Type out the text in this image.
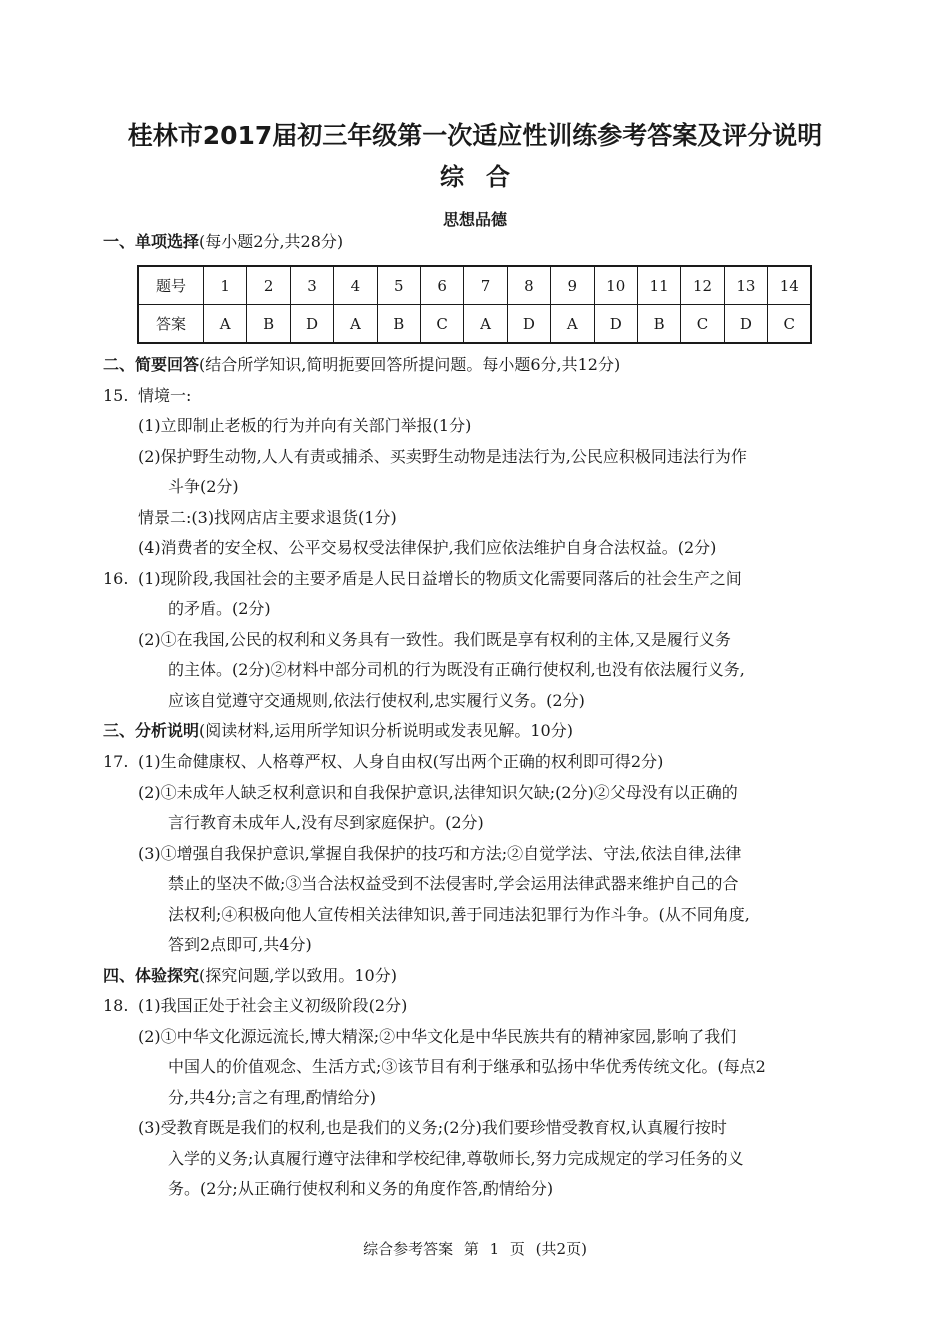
桂林市2017届初三年级第一次适应性训练参考答案及评分说明
综合
思想品德
一、单项选择(每小题2分,共28分)
题号	1	2	3	4	5	6	7	8	9	10	11	12	13	14
答案	A	B	D	A	B	C	A	D	A	D	B	C	D	C
二、简要回答(结合所学知识,简明扼要回答所提问题。每小题6分,共12分)
15. 情境一:
(1)立即制止老板的行为并向有关部门举报(1分)
(2)保护野生动物,人人有责或捕杀、买卖野生动物是违法行为,公民应积极同违法行为作
斗争(2分)
情景二:(3)找网店店主要求退货(1分)
(4)消费者的安全权、公平交易权受法律保护,我们应依法维护自身合法权益。(2分)
16. (1)现阶段,我国社会的主要矛盾是人民日益增长的物质文化需要同落后的社会生产之间
的矛盾。(2分)
(2)①在我国,公民的权利和义务具有一致性。我们既是享有权利的主体,又是履行义务
的主体。(2分)②材料中部分司机的行为既没有正确行使权利,也没有依法履行义务,
应该自觉遵守交通规则,依法行使权利,忠实履行义务。(2分)
三、分析说明(阅读材料,运用所学知识分析说明或发表见解。10分)
17. (1)生命健康权、人格尊严权、人身自由权(写出两个正确的权利即可得2分)
(2)①未成年人缺乏权利意识和自我保护意识,法律知识欠缺;(2分)②父母没有以正确的
言行教育未成年人,没有尽到家庭保护。(2分)
(3)①增强自我保护意识,掌握自我保护的技巧和方法;②自觉学法、守法,依法自律,法律
禁止的坚决不做;③当合法权益受到不法侵害时,学会运用法律武器来维护自己的合
法权利;④积极向他人宣传相关法律知识,善于同违法犯罪行为作斗争。(从不同角度,
答到2点即可,共4分)
四、体验探究(探究问题,学以致用。10分)
18. (1)我国正处于社会主义初级阶段(2分)
(2)①中华文化源远流长,博大精深;②中华文化是中华民族共有的精神家园,影响了我们
中国人的价值观念、生活方式;③该节目有利于继承和弘扬中华优秀传统文化。(每点2
分,共4分;言之有理,酌情给分)
(3)受教育既是我们的权利,也是我们的义务;(2分)我们要珍惜受教育权,认真履行按时
入学的义务;认真履行遵守法律和学校纪律,尊敬师长,努力完成规定的学习任务的义
务。(2分;从正确行使权利和义务的角度作答,酌情给分)
综合参考答案 第 1 页 (共2页)
